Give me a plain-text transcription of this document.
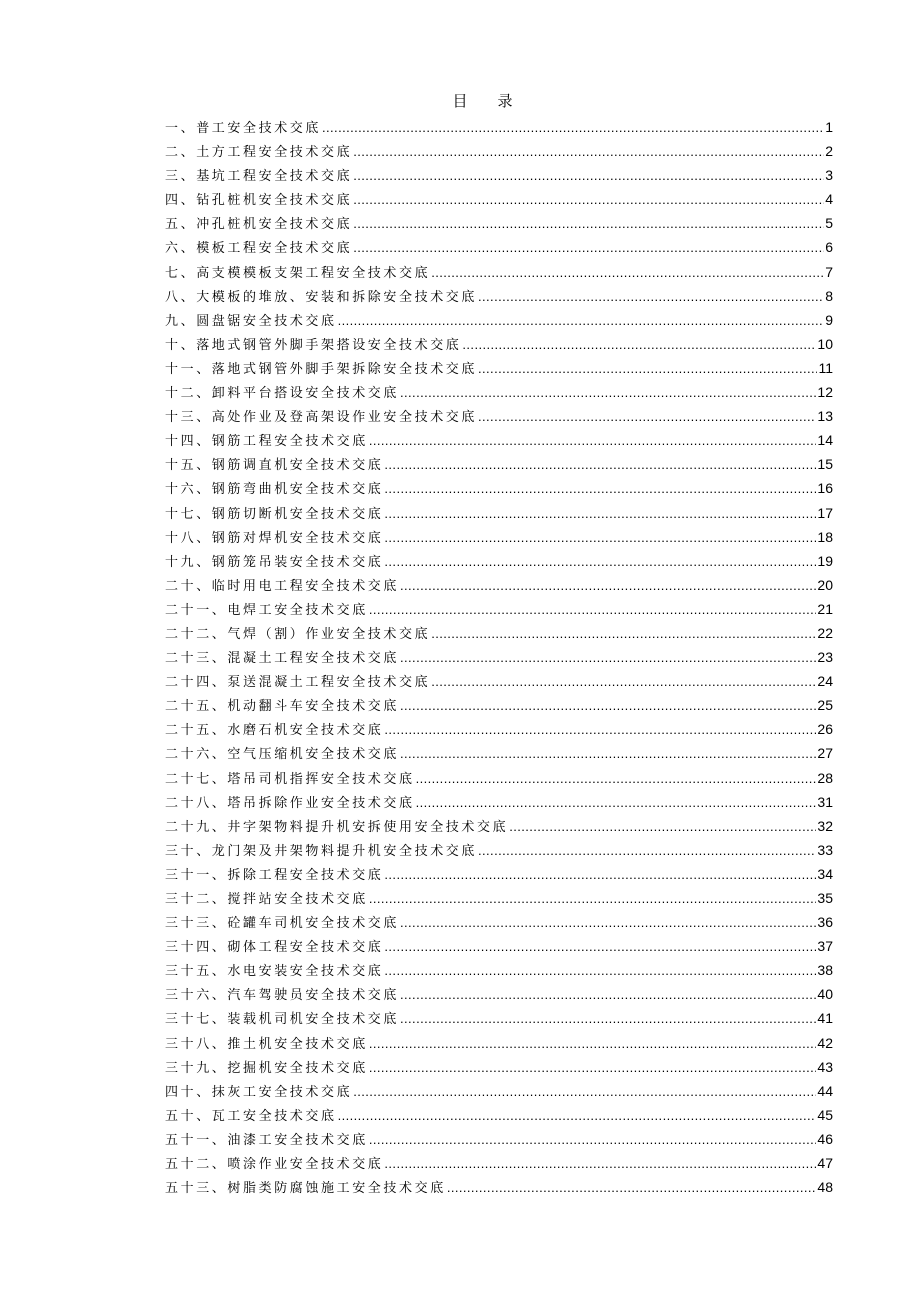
目 录
一、普工安全技术交底 .....	1
二、土方工程安全技术交底 .....	2
三、基坑工程安全技术交底 .....	3
四、钻孔桩机安全技术交底 .....	4
五、冲孔桩机安全技术交底 .....	5
六、模板工程安全技术交底 .....	6
七、高支模模板支架工程安全技术交底 .....	7
八、大模板的堆放、安装和拆除安全技术交底 .....	8
九、圆盘锯安全技术交底 .....	9
十、落地式钢管外脚手架搭设安全技术交底 .....	10
十一、落地式钢管外脚手架拆除安全技术交底 .....	11
十二、卸料平台搭设安全技术交底 .....	12
十三、高处作业及登高架设作业安全技术交底 .....	13
十四、钢筋工程安全技术交底 .....	14
十五、钢筋调直机安全技术交底 .....	15
十六、钢筋弯曲机安全技术交底 .....	16
十七、钢筋切断机安全技术交底 .....	17
十八、钢筋对焊机安全技术交底 .....	18
十九、钢筋笼吊装安全技术交底 .....	19
二十、临时用电工程安全技术交底 .....	20
二十一、电焊工安全技术交底 .....	21
二十二、气焊（割）作业安全技术交底 .....	22
二十三、混凝土工程安全技术交底 .....	23
二十四、泵送混凝土工程安全技术交底 .....	24
二十五、机动翻斗车安全技术交底 .....	25
二十五、水磨石机安全技术交底 .....	26
二十六、空气压缩机安全技术交底 .....	27
二十七、塔吊司机指挥安全技术交底 .....	28
二十八、塔吊拆除作业安全技术交底 .....	31
二十九、井字架物料提升机安拆使用安全技术交底 .....	32
三十、龙门架及井架物料提升机安全技术交底 .....	33
三十一、拆除工程安全技术交底 .....	34
三十二、搅拌站安全技术交底 .....	35
三十三、砼罐车司机安全技术交底 .....	36
三十四、砌体工程安全技术交底 .....	37
三十五、水电安装安全技术交底 .....	38
三十六、汽车驾驶员安全技术交底 .....	40
三十七、装载机司机安全技术交底 .....	41
三十八、推土机安全技术交底 .....	42
三十九、挖掘机安全技术交底 .....	43
四十、抹灰工安全技术交底 .....	44
五十、瓦工安全技术交底 .....	45
五十一、油漆工安全技术交底 .....	46
五十二、喷涂作业安全技术交底 .....	47
五十三、树脂类防腐蚀施工安全技术交底 .....	48
